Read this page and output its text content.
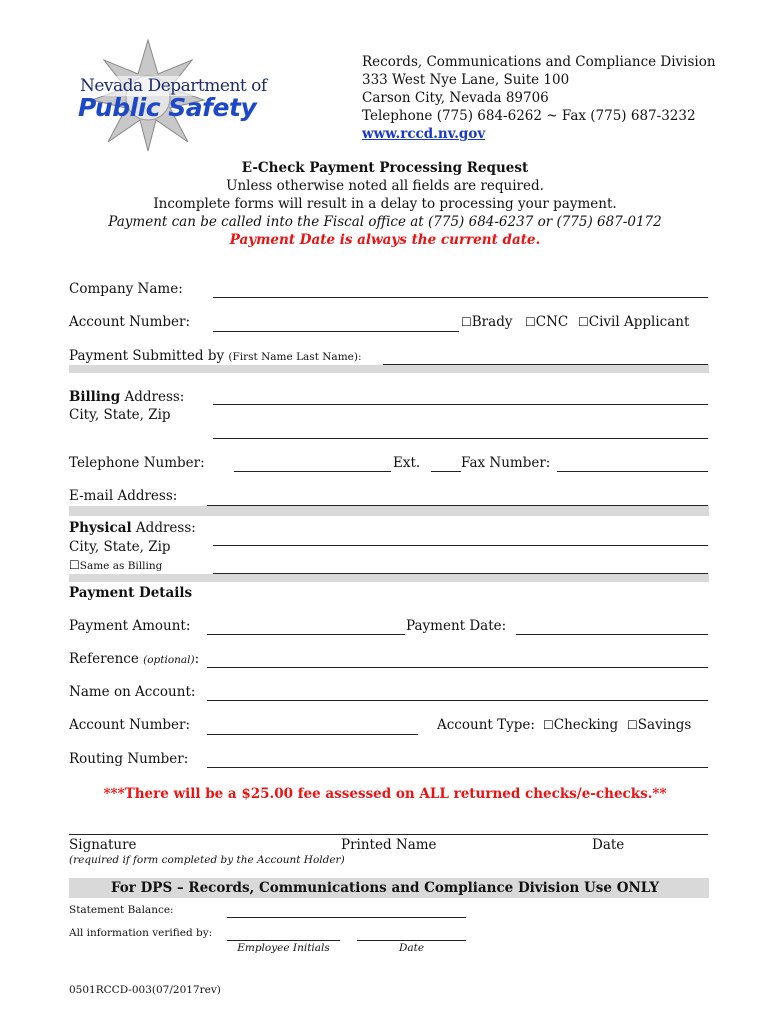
Nevada Department of
Public Safety
Records, Communications and Compliance Division
333 West Nye Lane, Suite 100
Carson City, Nevada 89706
Telephone (775) 684-6262 ~ Fax (775) 687-3232
www.rccd.nv.gov
E-Check Payment Processing Request
Unless otherwise noted all fields are required.
Incomplete forms will result in a delay to processing your payment.
Payment can be called into the Fiscal office at (775) 684-6237 or (775) 687-0172
Payment Date is always the current date.
Company Name:
Account Number:	☐Brady ☐CNC ☐Civil Applicant
Payment Submitted by (First Name Last Name):
Billing Address:
City, State, Zip
Telephone Number:	Ext.	Fax Number:
E-mail Address:
Physical Address:
City, State, Zip
☐Same as Billing
Payment Details
Payment Amount:	Payment Date:
Reference (optional):
Name on Account:
Account Number:	Account Type: ☐Checking ☐Savings
Routing Number:
***There will be a $25.00 fee assessed on ALL returned checks/e-checks.**
Signature	Printed Name	Date
(required if form completed by the Account Holder)
For DPS – Records, Communications and Compliance Division Use ONLY
Statement Balance:
All information verified by:
Employee Initials	Date
0501RCCD-003(07/2017rev)
